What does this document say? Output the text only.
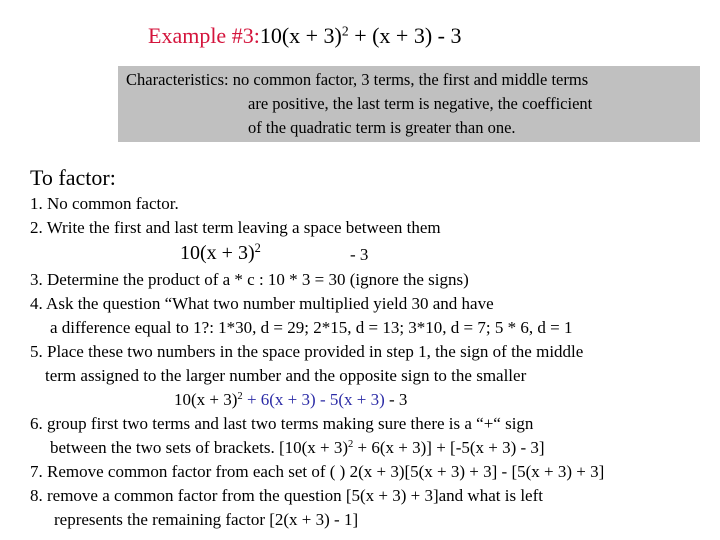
Example #3:10(x + 3)$^2$ + (x + 3) - 3
Characteristics: no common factor, 3 terms, the first and middle terms
are positive, the last term is negative, the coefficient
of the quadratic term is greater than one.
To factor:
1. No common factor.
2. Write the first and last term leaving a space between them
$10(x + 3)^2$	- 3
3. Determine the product of a * c : 10 * 3 = 30 (ignore the signs)
4. Ask the question “What two number multiplied yield 30 and have
a difference equal to 1?: 1*30, d = 29; 2*15, d = 13; 3*10, d = 7; 5 * 6, d = 1
5. Place these two numbers in the space provided in step 1, the sign of the middle
term assigned to the larger number and the opposite sign to the smaller
$10(x + 3)^2 + 6(x + 3) - 5(x + 3) - 3$
6. group first two terms and last two terms making sure there is a “+“ sign
between the two sets of brackets. $[10(x + 3)^2 + 6(x + 3)] + [-5(x + 3) - 3]$
7. Remove common factor from each set of ( ) 2(x + 3)[5(x + 3) + 3] - [5(x + 3) + 3]
8. remove a common factor from the question [5(x + 3) + 3]and what is left
represents the remaining factor [2(x + 3) - 1]
